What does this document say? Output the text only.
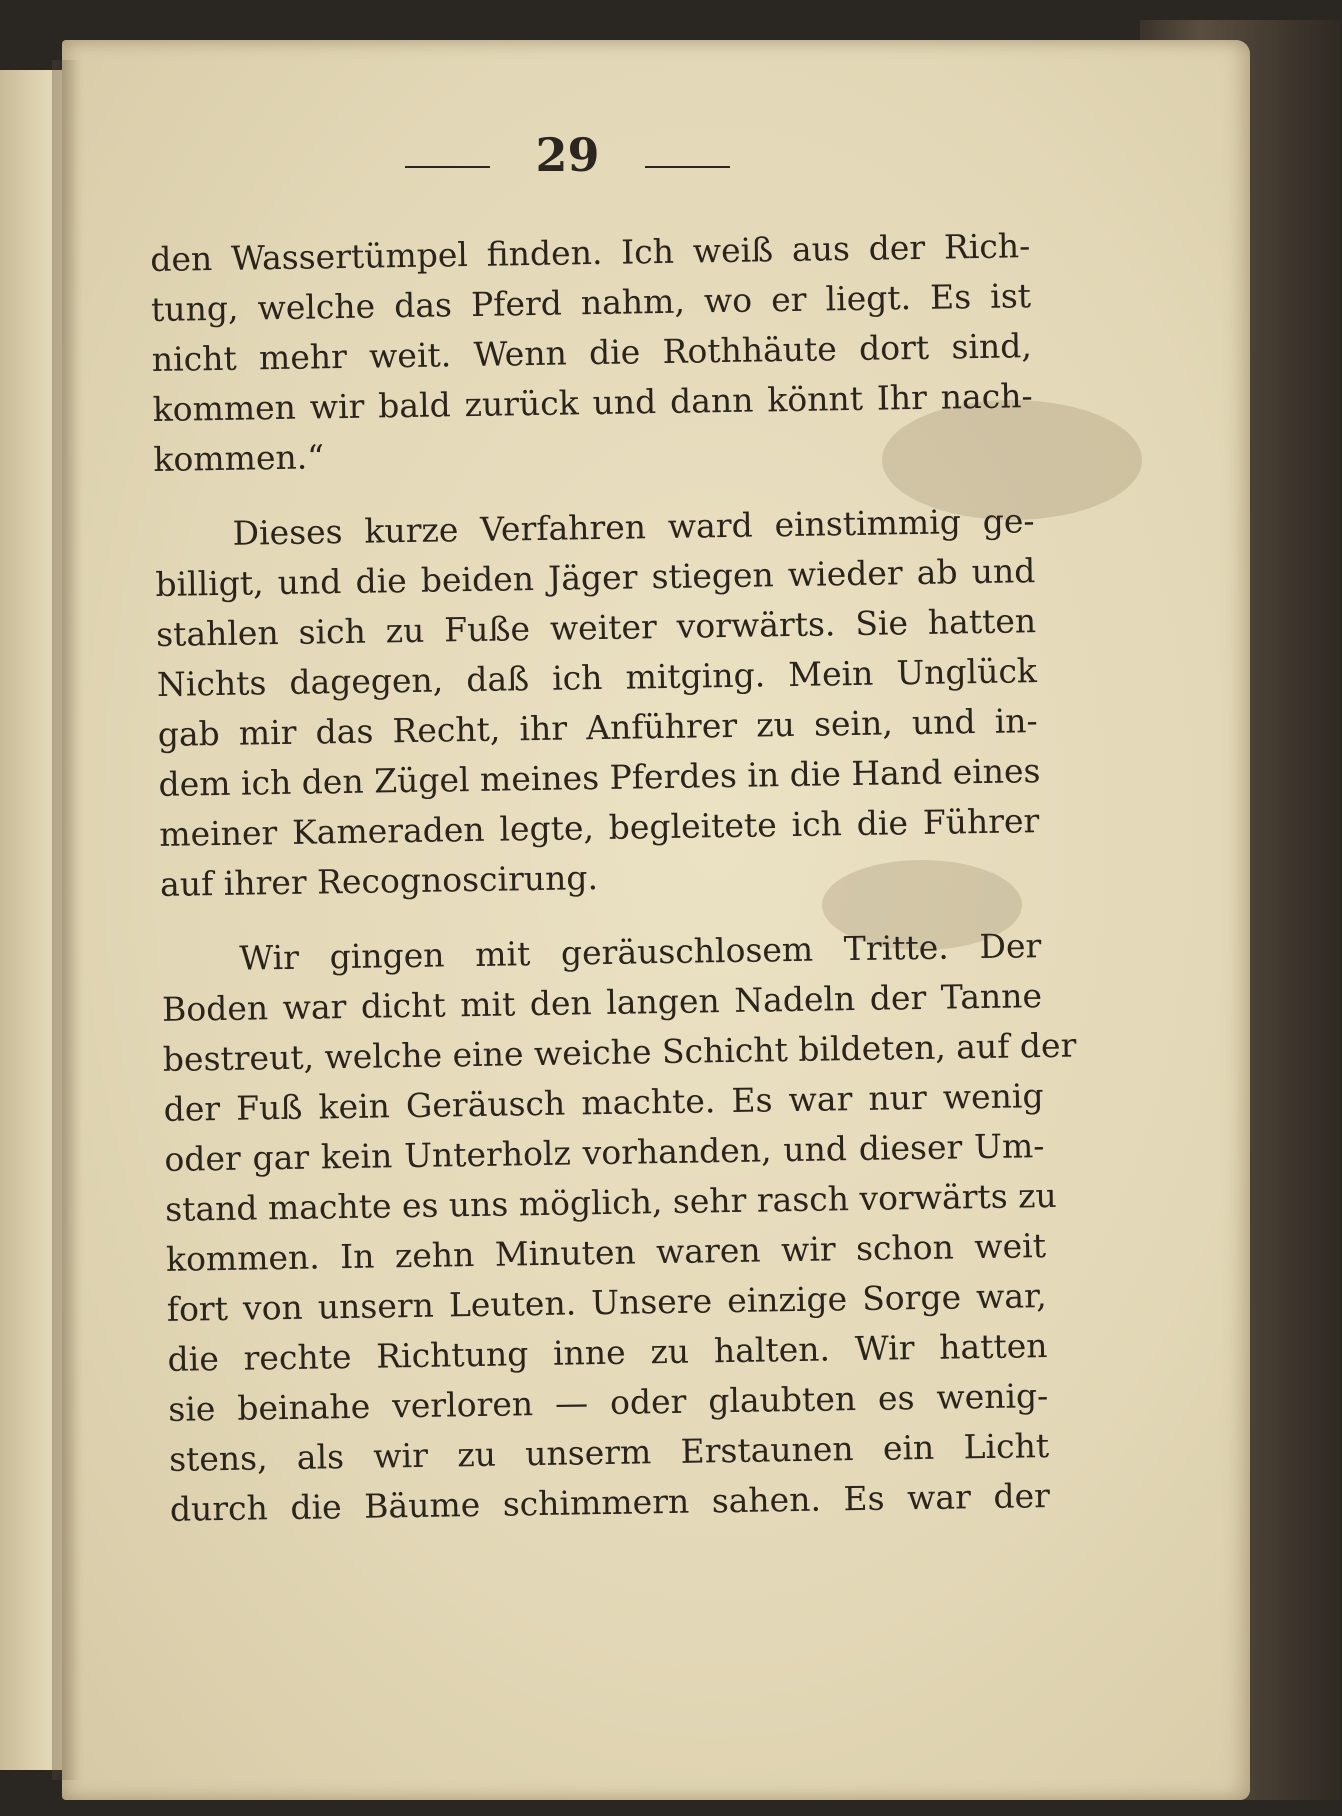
29
den Wassertümpel finden. Ich weiß aus der Rich-
tung, welche das Pferd nahm, wo er liegt. Es ist
nicht mehr weit. Wenn die Rothhäute dort sind,
kommen wir bald zurück und dann könnt Ihr nach-
kommen.“
Dieses kurze Verfahren ward einstimmig ge-
billigt, und die beiden Jäger stiegen wieder ab und
stahlen sich zu Fuße weiter vorwärts. Sie hatten
Nichts dagegen, daß ich mitging. Mein Unglück
gab mir das Recht, ihr Anführer zu sein, und in-
dem ich den Zügel meines Pferdes in die Hand eines
meiner Kameraden legte, begleitete ich die Führer
auf ihrer Recognoscirung.
Wir gingen mit geräuschlosem Tritte. Der
Boden war dicht mit den langen Nadeln der Tanne
bestreut, welche eine weiche Schicht bildeten, auf der
der Fuß kein Geräusch machte. Es war nur wenig
oder gar kein Unterholz vorhanden, und dieser Um-
stand machte es uns möglich, sehr rasch vorwärts zu
kommen. In zehn Minuten waren wir schon weit
fort von unsern Leuten. Unsere einzige Sorge war,
die rechte Richtung inne zu halten. Wir hatten
sie beinahe verloren — oder glaubten es wenig-
stens, als wir zu unserm Erstaunen ein Licht
durch die Bäume schimmern sahen. Es war der
